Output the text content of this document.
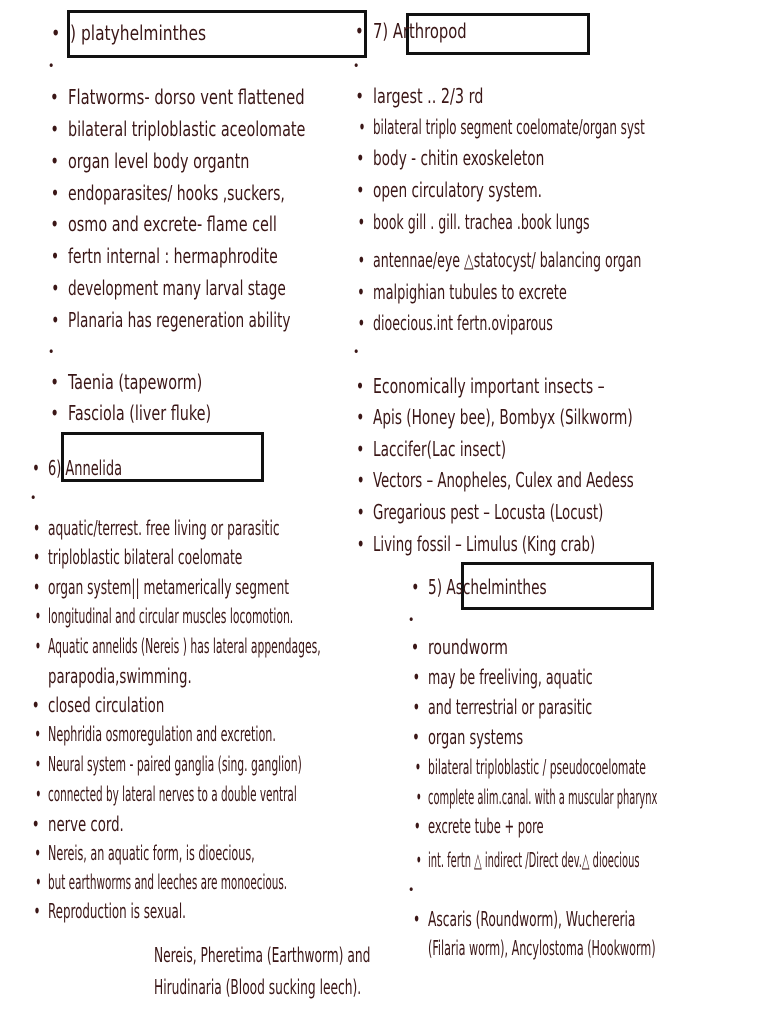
•
•
•
•
•
•
•
• ) platyhelminthes
• Flatworms- dorso vent flattened
• bilateral triploblastic aceolomate
• organ level body organtn
• endoparasites/ hooks ,suckers,
• osmo and excrete- flame cell
• fertn internal : hermaphrodite
• development many larval stage
• Planaria has regeneration ability
• Taenia (tapeworm)
• Fasciola (liver fluke)
• 7) Arthropod
• largest .. 2/3 rd
• bilateral triplo segment coelomate/organ syst
• body - chitin exoskeleton
• open circulatory system.
• book gill . gill. trachea .book lungs
• antennae/eye △statocyst/ balancing organ
• malpighian tubules to excrete
• dioecious.int fertn.oviparous
• Economically important insects –
• Apis (Honey bee), Bombyx (Silkworm)
• Laccifer(Lac insect)
• Vectors – Anopheles, Culex and Aedess
• Gregarious pest – Locusta (Locust)
• Living fossil – Limulus (King crab)
• 6) Annelida
• aquatic/terrest. free living or parasitic
• triploblastic bilateral coelomate
• organ system|| metamerically segment
• longitudinal and circular muscles locomotion.
• Aquatic annelids (Nereis ) has lateral appendages,
parapodia,swimming.
• closed circulation
• Nephridia osmoregulation and excretion.
• Neural system - paired ganglia (sing. ganglion)
• connected by lateral nerves to a double ventral
• nerve cord.
• Nereis, an aquatic form, is dioecious,
• but earthworms and leeches are monoecious.
• Reproduction is sexual.
Nereis, Pheretima (Earthworm) and
Hirudinaria (Blood sucking leech).
• 5) Aschelminthes
• roundworm
• may be freeliving, aquatic
• and terrestrial or parasitic
• organ systems
• bilateral triploblastic / pseudocoelomate
• complete alim.canal. with a muscular pharynx
• excrete tube + pore
• int. fertn △ indirect /Direct dev.△ dioecious
• Ascaris (Roundworm), Wuchereria
(Filaria worm), Ancylostoma (Hookworm)
